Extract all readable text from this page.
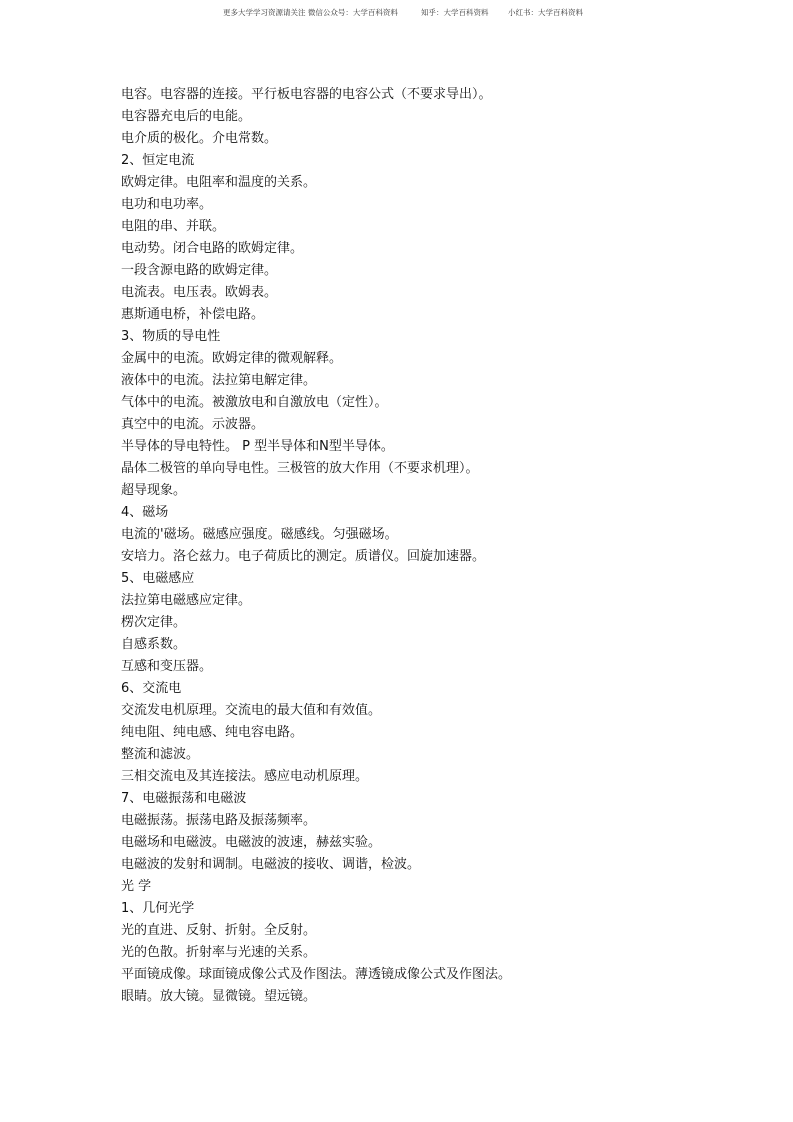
更多大学学习资源请关注 微信公众号：大学百科资料	知乎：大学百科资料	小红书：大学百科资料
电容。电容器的连接。平行板电容器的电容公式（不要求导出）。
电容器充电后的电能。
电介质的极化。介电常数。
2、恒定电流
欧姆定律。电阻率和温度的关系。
电功和电功率。
电阻的串、并联。
电动势。闭合电路的欧姆定律。
一段含源电路的欧姆定律。
电流表。电压表。欧姆表。
惠斯通电桥，补偿电路。
3、物质的导电性
金属中的电流。欧姆定律的微观解释。
液体中的电流。法拉第电解定律。
气体中的电流。被激放电和自激放电（定性）。
真空中的电流。示波器。
半导体的导电特性。 P 型半导体和N型半导体。
晶体二极管的单向导电性。三极管的放大作用（不要求机理）。
超导现象。
4、磁场
电流的'磁场。磁感应强度。磁感线。匀强磁场。
安培力。洛仑兹力。电子荷质比的测定。质谱仪。回旋加速器。
5、电磁感应
法拉第电磁感应定律。
楞次定律。
自感系数。
互感和变压器。
6、交流电
交流发电机原理。交流电的最大值和有效值。
纯电阻、纯电感、纯电容电路。
整流和滤波。
三相交流电及其连接法。感应电动机原理。
7、电磁振荡和电磁波
电磁振荡。振荡电路及振荡频率。
电磁场和电磁波。电磁波的波速，赫兹实验。
电磁波的发射和调制。电磁波的接收、调谐，检波。
光 学
1、几何光学
光的直进、反射、折射。全反射。
光的色散。折射率与光速的关系。
平面镜成像。球面镜成像公式及作图法。薄透镜成像公式及作图法。
眼睛。放大镜。显微镜。望远镜。
